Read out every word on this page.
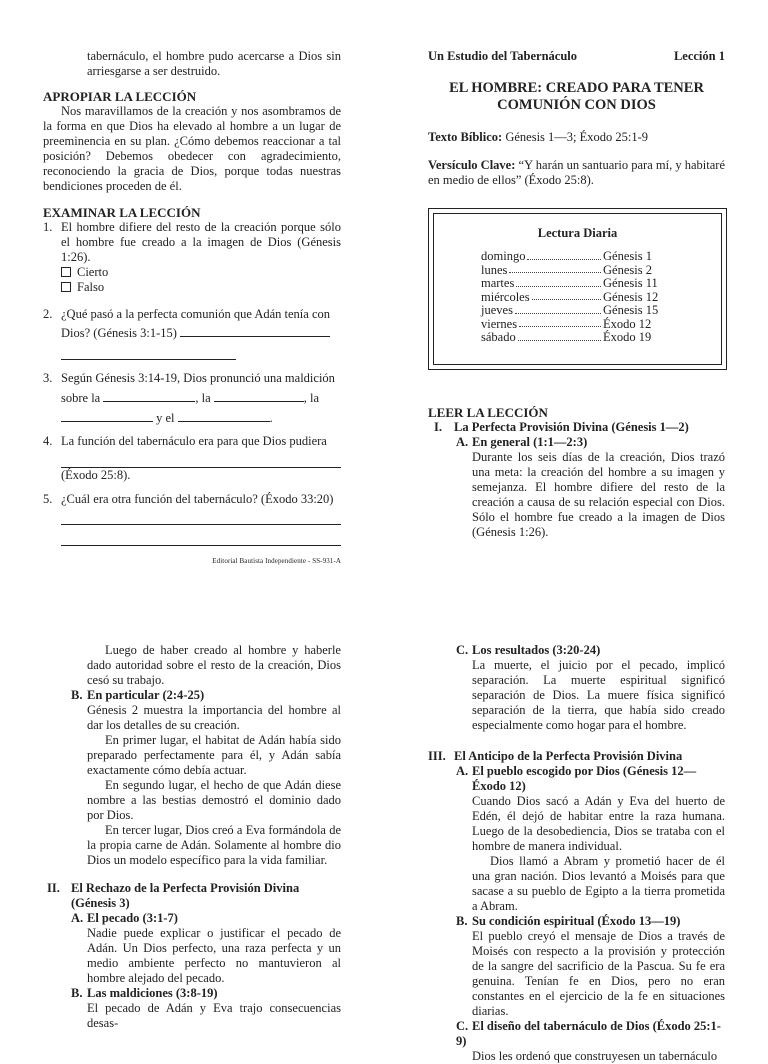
tabernáculo, el hombre pudo acercarse a Dios sin arriesgarse a ser destruido.

APROPIAR LA LECCIÓN

Nos maravillamos de la creación y nos asombramos de la forma en que Dios ha elevado al hombre a un lugar de preeminencia en su plan. ¿Cómo debemos reaccionar a tal posición? Debemos obedecer con agradecimiento, reconociendo la gracia de Dios, porque todas nuestras bendiciones proceden de él.

EXAMINAR LA LECCIÓN

1. El hombre difiere del resto de la creación porque sólo el hombre fue creado a la imagen de Dios (Génesis 1:26).

Cierto

Falso

2. ¿Qué pasó a la perfecta comunión que Adán tenía con Dios? (Génesis 3:1-15)
3. Según Génesis 3:14-19, Dios pronunció una maldición sobre la	, la	, la
y el	.
4. La función del tabernáculo era para que Dios pudiera

(Éxodo 25:8).

5. ¿Cuál era otra función del tabernáculo? (Éxodo 33:20)

Editorial Bautista Independiente - SS-931-A

Un Estudio del Tabernáculo	Lección 1
EL HOMBRE: CREADO PARA TENER
COMUNIÓN CON DIOS

Texto Bíblico: Génesis 1—3; Éxodo 25:1-9

Versículo Clave: “Y harán un santuario para mí, y habitaré en medio de ellos” (Éxodo 25:8).

Lectura Diaria
domingo	Génesis 1
lunes	Génesis 2
martes	Génesis 11
miércoles	Génesis 12
jueves	Génesis 15
viernes	Éxodo 12
sábado	Éxodo 19

LEER LA LECCIÓN

I. La Perfecta Provisión Divina (Génesis 1—2)

A. En general (1:1—2:3)

Durante los seis días de la creación, Dios trazó una meta: la creación del hombre a su imagen y semejanza. El hombre difiere del resto de la creación a causa de su relación especial con Dios. Sólo el hombre fue creado a la imagen de Dios (Génesis 1:26).

Luego de haber creado al hombre y haberle dado autoridad sobre el resto de la creación, Dios cesó su trabajo.

B. En particular (2:4-25)

Génesis 2 muestra la importancia del hombre al dar los detalles de su creación.

En primer lugar, el habitat de Adán había sido preparado perfectamente para él, y Adán sabía exactamente cómo debía actuar.

En segundo lugar, el hecho de que Adán diese nombre a las bestias demostró el dominio dado por Dios.

En tercer lugar, Dios creó a Eva formándola de la propia carne de Adán. Solamente al hombre dio Dios un modelo específico para la vida familiar.

II. El Rechazo de la Perfecta Provisión Divina (Génesis 3)

A. El pecado (3:1-7)

Nadie puede explicar o justificar el pecado de Adán. Un Dios perfecto, una raza perfecta y un medio ambiente perfecto no mantuvieron al hombre alejado del pecado.

B. Las maldiciones (3:8-19)

El pecado de Adán y Eva trajo consecuencias desas-

C. Los resultados (3:20-24)

La muerte, el juicio por el pecado, implicó separación. La muerte espiritual significó separación de Dios. La muere física significó separación de la tierra, que había sido creado especialmente como hogar para el hombre.

III. El Anticipo de la Perfecta Provisión Divina
A. El pueblo escogido por Dios (Génesis 12—Éxodo 12)

Cuando Dios sacó a Adán y Eva del huerto de Edén, él dejó de habitar entre la raza humana. Luego de la desobediencia, Dios se trataba con el hombre de manera individual.

Dios llamó a Abram y prometió hacer de él una gran nación. Dios levantó a Moisés para que sacase a su pueblo de Egipto a la tierra prometida a Abram.

B. Su condición espiritual (Éxodo 13—19)

El pueblo creyó el mensaje de Dios a través de Moisés con respecto a la provisión y protección de la sangre del sacrificio de la Pascua. Su fe era genuina. Tenían fe en Dios, pero no eran constantes en el ejercicio de la fe en situaciones diarias.

C. El diseño del tabernáculo de Dios (Éxodo 25:1-9)

Dios les ordenó que construyesen un tabernáculo
